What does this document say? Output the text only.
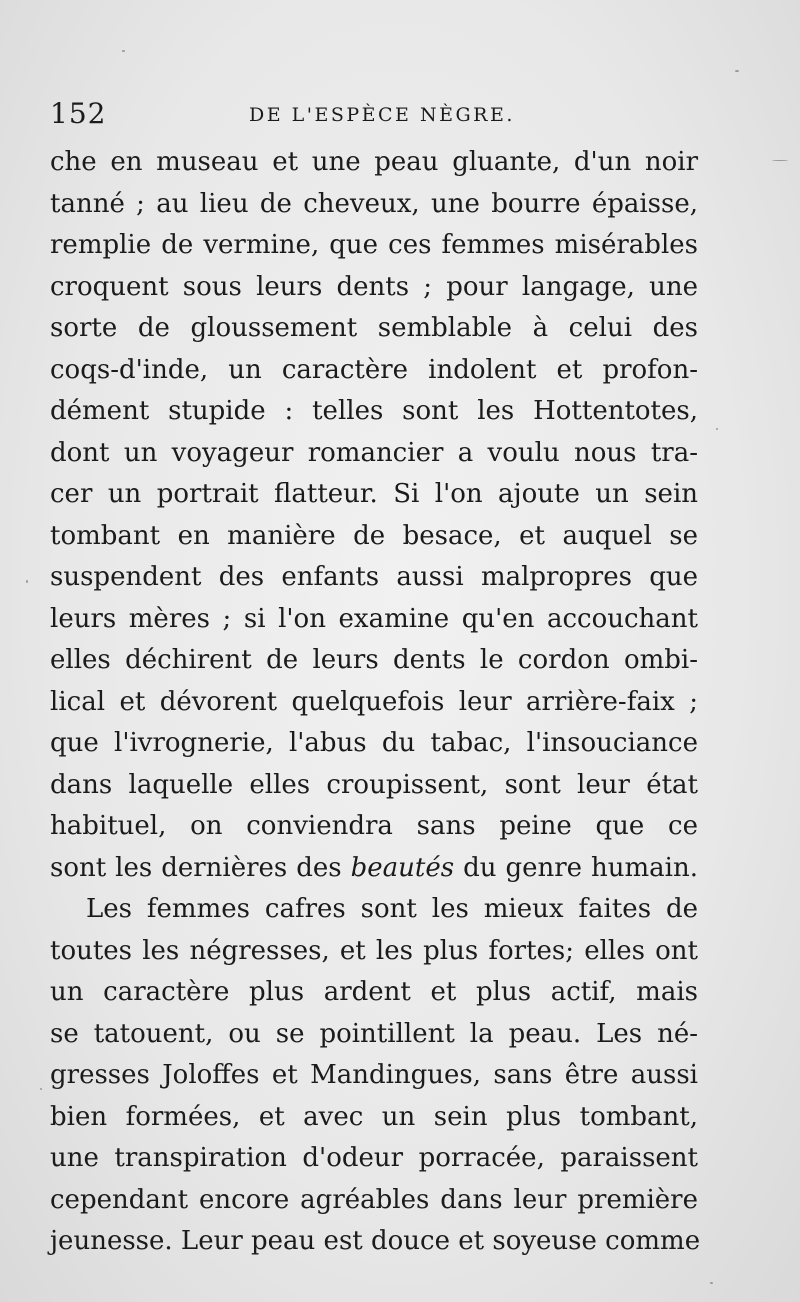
152	DE L'ESPÈCE NÈGRE.
che en museau et une peau gluante, d'un noir
tanné ; au lieu de cheveux, une bourre épaisse,
remplie de vermine, que ces femmes misérables
croquent sous leurs dents ; pour langage, une
sorte de gloussement semblable à celui des
coqs-d'inde, un caractère indolent et profon-
dément stupide : telles sont les Hottentotes,
dont un voyageur romancier a voulu nous tra-
cer un portrait flatteur. Si l'on ajoute un sein
tombant en manière de besace, et auquel se
suspendent des enfants aussi malpropres que
leurs mères ; si l'on examine qu'en accouchant
elles déchirent de leurs dents le cordon ombi-
lical et dévorent quelquefois leur arrière-faix ;
que l'ivrognerie, l'abus du tabac, l'insouciance
dans laquelle elles croupissent, sont leur état
habituel, on conviendra sans peine que ce
sont les dernières des beautés du genre humain.
Les femmes cafres sont les mieux faites de
toutes les négresses, et les plus fortes; elles ont
un caractère plus ardent et plus actif, mais
se tatouent, ou se pointillent la peau. Les né-
gresses Joloffes et Mandingues, sans être aussi
bien formées, et avec un sein plus tombant,
une transpiration d'odeur porracée, paraissent
cependant encore agréables dans leur première
jeunesse. Leur peau est douce et soyeuse comme
